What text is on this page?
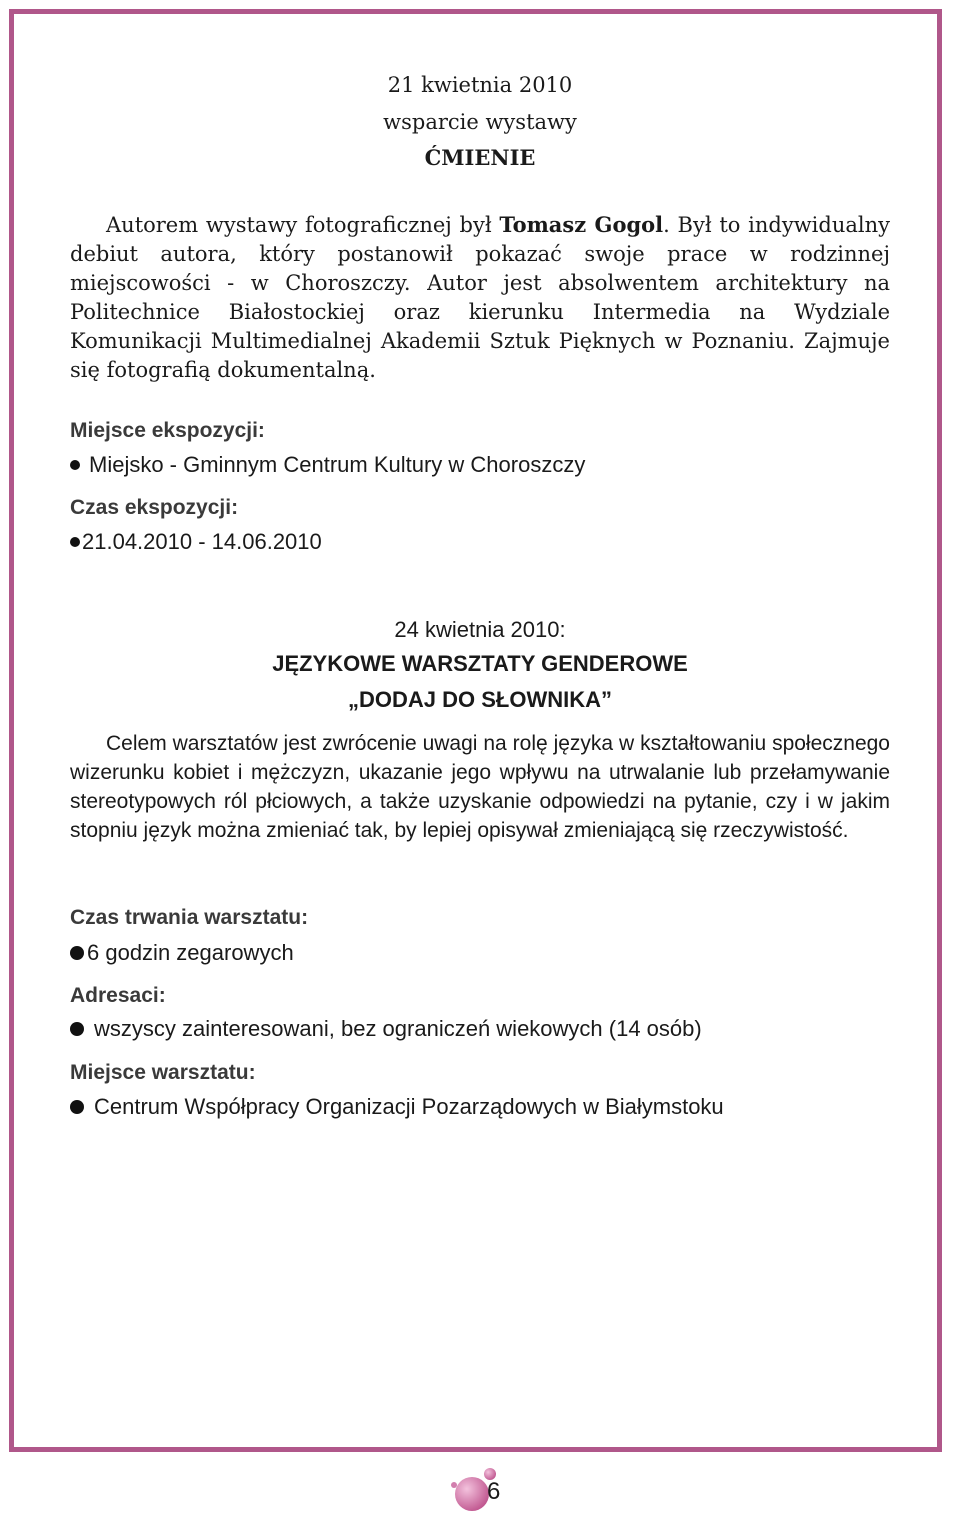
21 kwietnia 2010
wsparcie wystawy
ĆMIENIE

Autorem wystawy fotograficznej był Tomasz Gogol. Był to indywidualny debiut autora, który postanowił pokazać swoje prace w rodzinnej miejscowości - w Choroszczy. Autor jest absolwentem architektury na Politechnice Białostockiej oraz kierunku Intermedia na Wydziale Komunikacji Multimedialnej Akademii Sztuk Pięknych w Poznaniu. Zajmuje się fotografią dokumentalną.

Miejsce ekspozycji:
Miejsko - Gminnym Centrum Kultury w Choroszczy
Czas ekspozycji:
21.04.2010 - 14.06.2010
24 kwietnia 2010:
JĘZYKOWE WARSZTATY GENDEROWE
„DODAJ DO SŁOWNIKA”

Celem warsztatów jest zwrócenie uwagi na rolę języka w kształtowaniu społecznego wizerunku kobiet i mężczyzn, ukazanie jego wpływu na utrwalanie lub przełamywanie stereotypowych ról płciowych, a także uzyskanie odpowiedzi na pytanie, czy i w jakim stopniu język można zmieniać tak, by lepiej opisywał zmieniającą się rzeczywistość.

Czas trwania warsztatu:
6 godzin zegarowych
Adresaci:
wszyscy zainteresowani, bez ograniczeń wiekowych (14 osób)
Miejsce warsztatu:
Centrum Współpracy Organizacji Pozarządowych w Białymstoku
6
